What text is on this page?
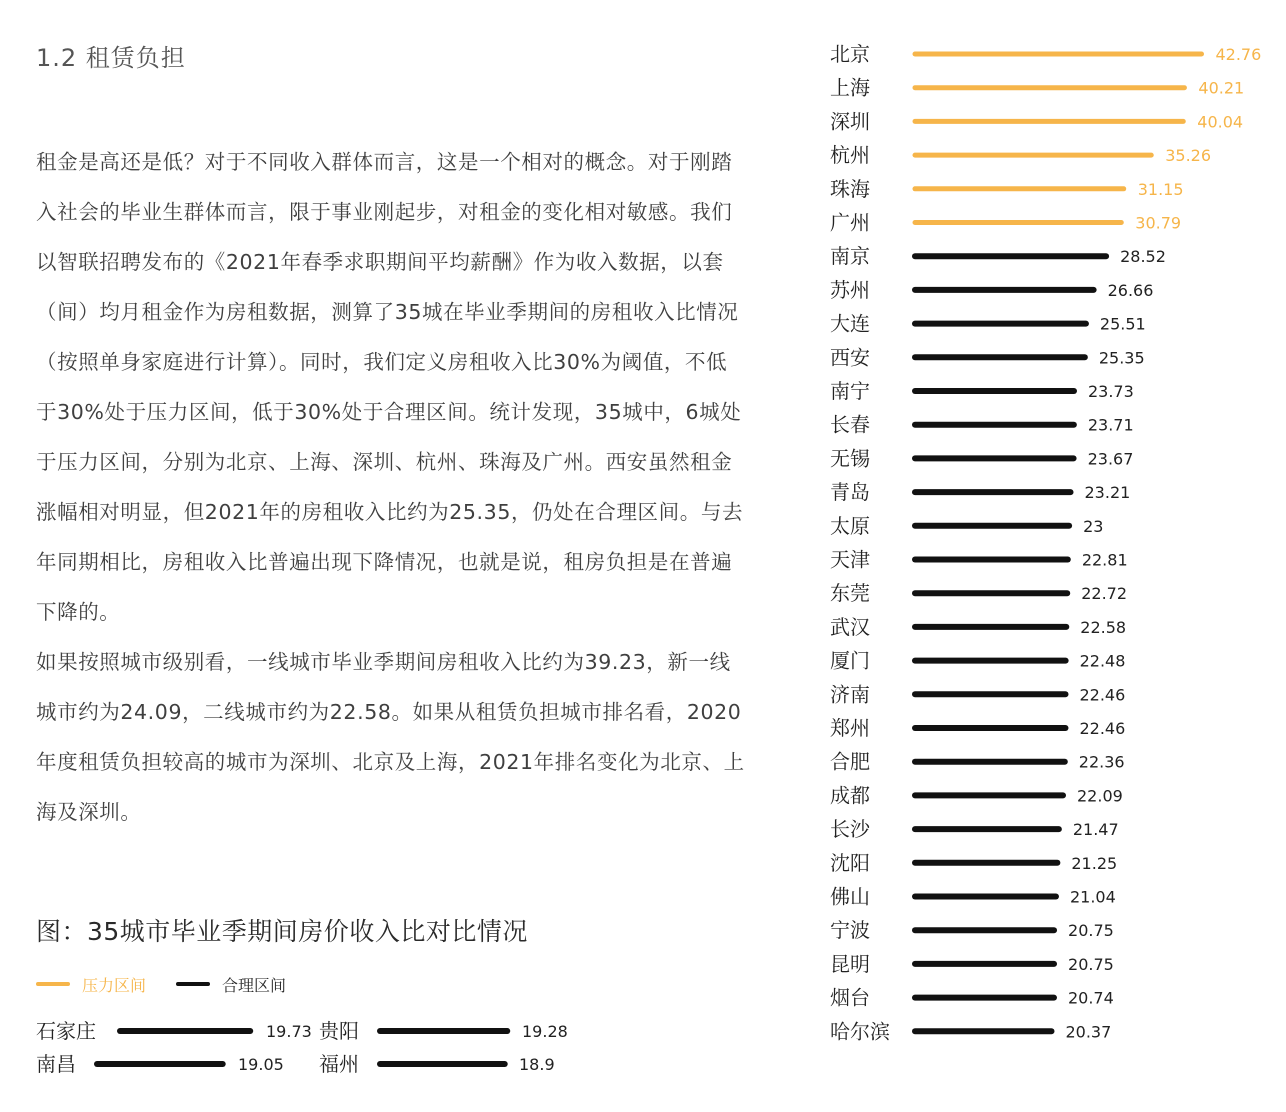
1.2 租赁负担

租金是高还是低？对于不同收入群体而言，这是一个相对的概念。对于刚踏入社会的毕业生群体而言，限于事业刚起步，对租金的变化相对敏感。我们以智联招聘发布的《2021年春季求职期间平均薪酬》作为收入数据，以套（间）均月租金作为房租数据，测算了35城在毕业季期间的房租收入比情况（按照单身家庭进行计算）。同时，我们定义房租收入比30%为阈值，不低于30%处于压力区间，低于30%处于合理区间。统计发现，35城中，6城处于压力区间，分别为北京、上海、深圳、杭州、珠海及广州。西安虽然租金涨幅相对明显，但2021年的房租收入比约为25.35，仍处在合理区间。与去年同期相比，房租收入比普遍出现下降情况，也就是说，租房负担是在普遍下降的。

如果按照城市级别看，一线城市毕业季期间房租收入比约为39.23，新一线城市约为24.09，二线城市约为22.58。如果从租赁负担城市排名看，2020年度租赁负担较高的城市为深圳、北京及上海，2021年排名变化为北京、上海及深圳。

图：35城市毕业季期间房价收入比对比情况
压力区间	合理区间
北京	42.76
上海	40.21
深圳	40.04
杭州	35.26
珠海	31.15
广州	30.79
南京	28.52
苏州	26.66
大连	25.51
西安	25.35
南宁	23.73
长春	23.71
无锡	23.67
青岛	23.21
太原	23
天津	22.81
东莞	22.72
武汉	22.58
厦门	22.48
济南	22.46
郑州	22.46
合肥	22.36
成都	22.09
长沙	21.47
沈阳	21.25
佛山	21.04
宁波	20.75
昆明	20.75
烟台	20.74
哈尔滨	20.37
石家庄	19.73 贵阳	19.28
南昌	19.05 福州	18.9
